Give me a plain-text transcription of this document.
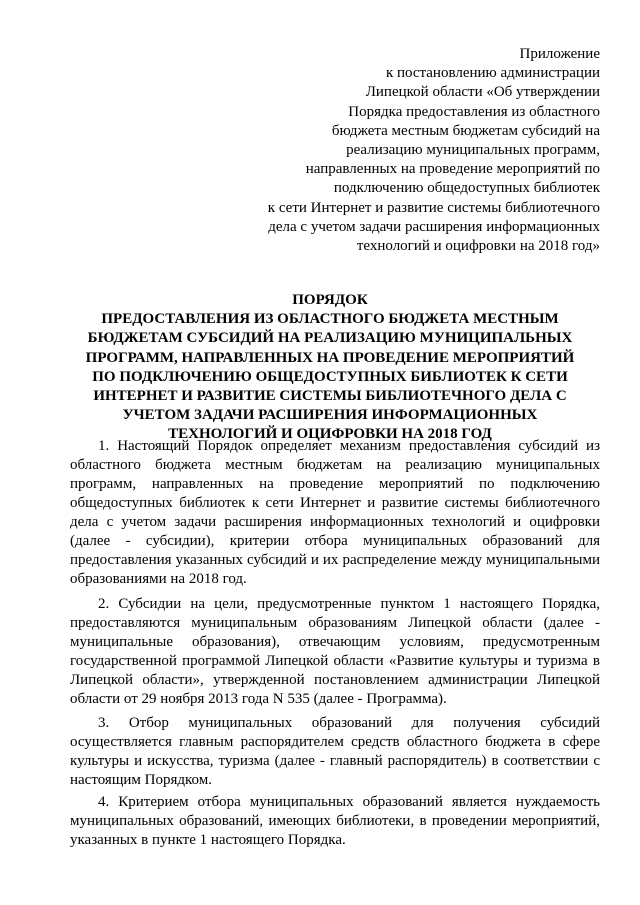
Приложение
к постановлению администрации
Липецкой области «Об утверждении
Порядка предоставления из областного
бюджета местным бюджетам субсидий на
реализацию муниципальных программ,
направленных на проведение мероприятий по
подключению общедоступных библиотек
к сети Интернет и развитие системы библиотечного
дела с учетом задачи расширения информационных
технологий и оцифровки на 2018 год»
ПОРЯДОК
ПРЕДОСТАВЛЕНИЯ ИЗ ОБЛАСТНОГО БЮДЖЕТА МЕСТНЫМ
БЮДЖЕТАМ СУБСИДИЙ НА РЕАЛИЗАЦИЮ МУНИЦИПАЛЬНЫХ
ПРОГРАММ, НАПРАВЛЕННЫХ НА ПРОВЕДЕНИЕ МЕРОПРИЯТИЙ
ПО ПОДКЛЮЧЕНИЮ ОБЩЕДОСТУПНЫХ БИБЛИОТЕК К СЕТИ
ИНТЕРНЕТ И РАЗВИТИЕ СИСТЕМЫ БИБЛИОТЕЧНОГО ДЕЛА С
УЧЕТОМ ЗАДАЧИ РАСШИРЕНИЯ ИНФОРМАЦИОННЫХ
ТЕХНОЛОГИЙ И ОЦИФРОВКИ НА 2018 ГОД
1. Настоящий Порядок определяет механизм предоставления субсидий из областного бюджета местным бюджетам на реализацию муниципальных программ, направленных на проведение мероприятий по подключению общедоступных библиотек к сети Интернет и развитие системы библиотечного дела с учетом задачи расширения информационных технологий и оцифровки (далее - субсидии), критерии отбора муниципальных образований для предоставления указанных субсидий и их распределение между муниципальными образованиями на 2018 год.
2. Субсидии на цели, предусмотренные пунктом 1 настоящего Порядка, предоставляются муниципальным образованиям Липецкой области (далее - муниципальные образования), отвечающим условиям, предусмотренным государственной программой Липецкой области «Развитие культуры и туризма в Липецкой области», утвержденной постановлением администрации Липецкой области от 29 ноября 2013 года N 535 (далее - Программа).
3. Отбор муниципальных образований для получения субсидий осуществляется главным распорядителем средств областного бюджета в сфере культуры и искусства, туризма (далее - главный распорядитель) в соответствии с настоящим Порядком.
4. Критерием отбора муниципальных образований является нуждаемость муниципальных образований, имеющих библиотеки, в проведении мероприятий, указанных в пункте 1 настоящего Порядка.
